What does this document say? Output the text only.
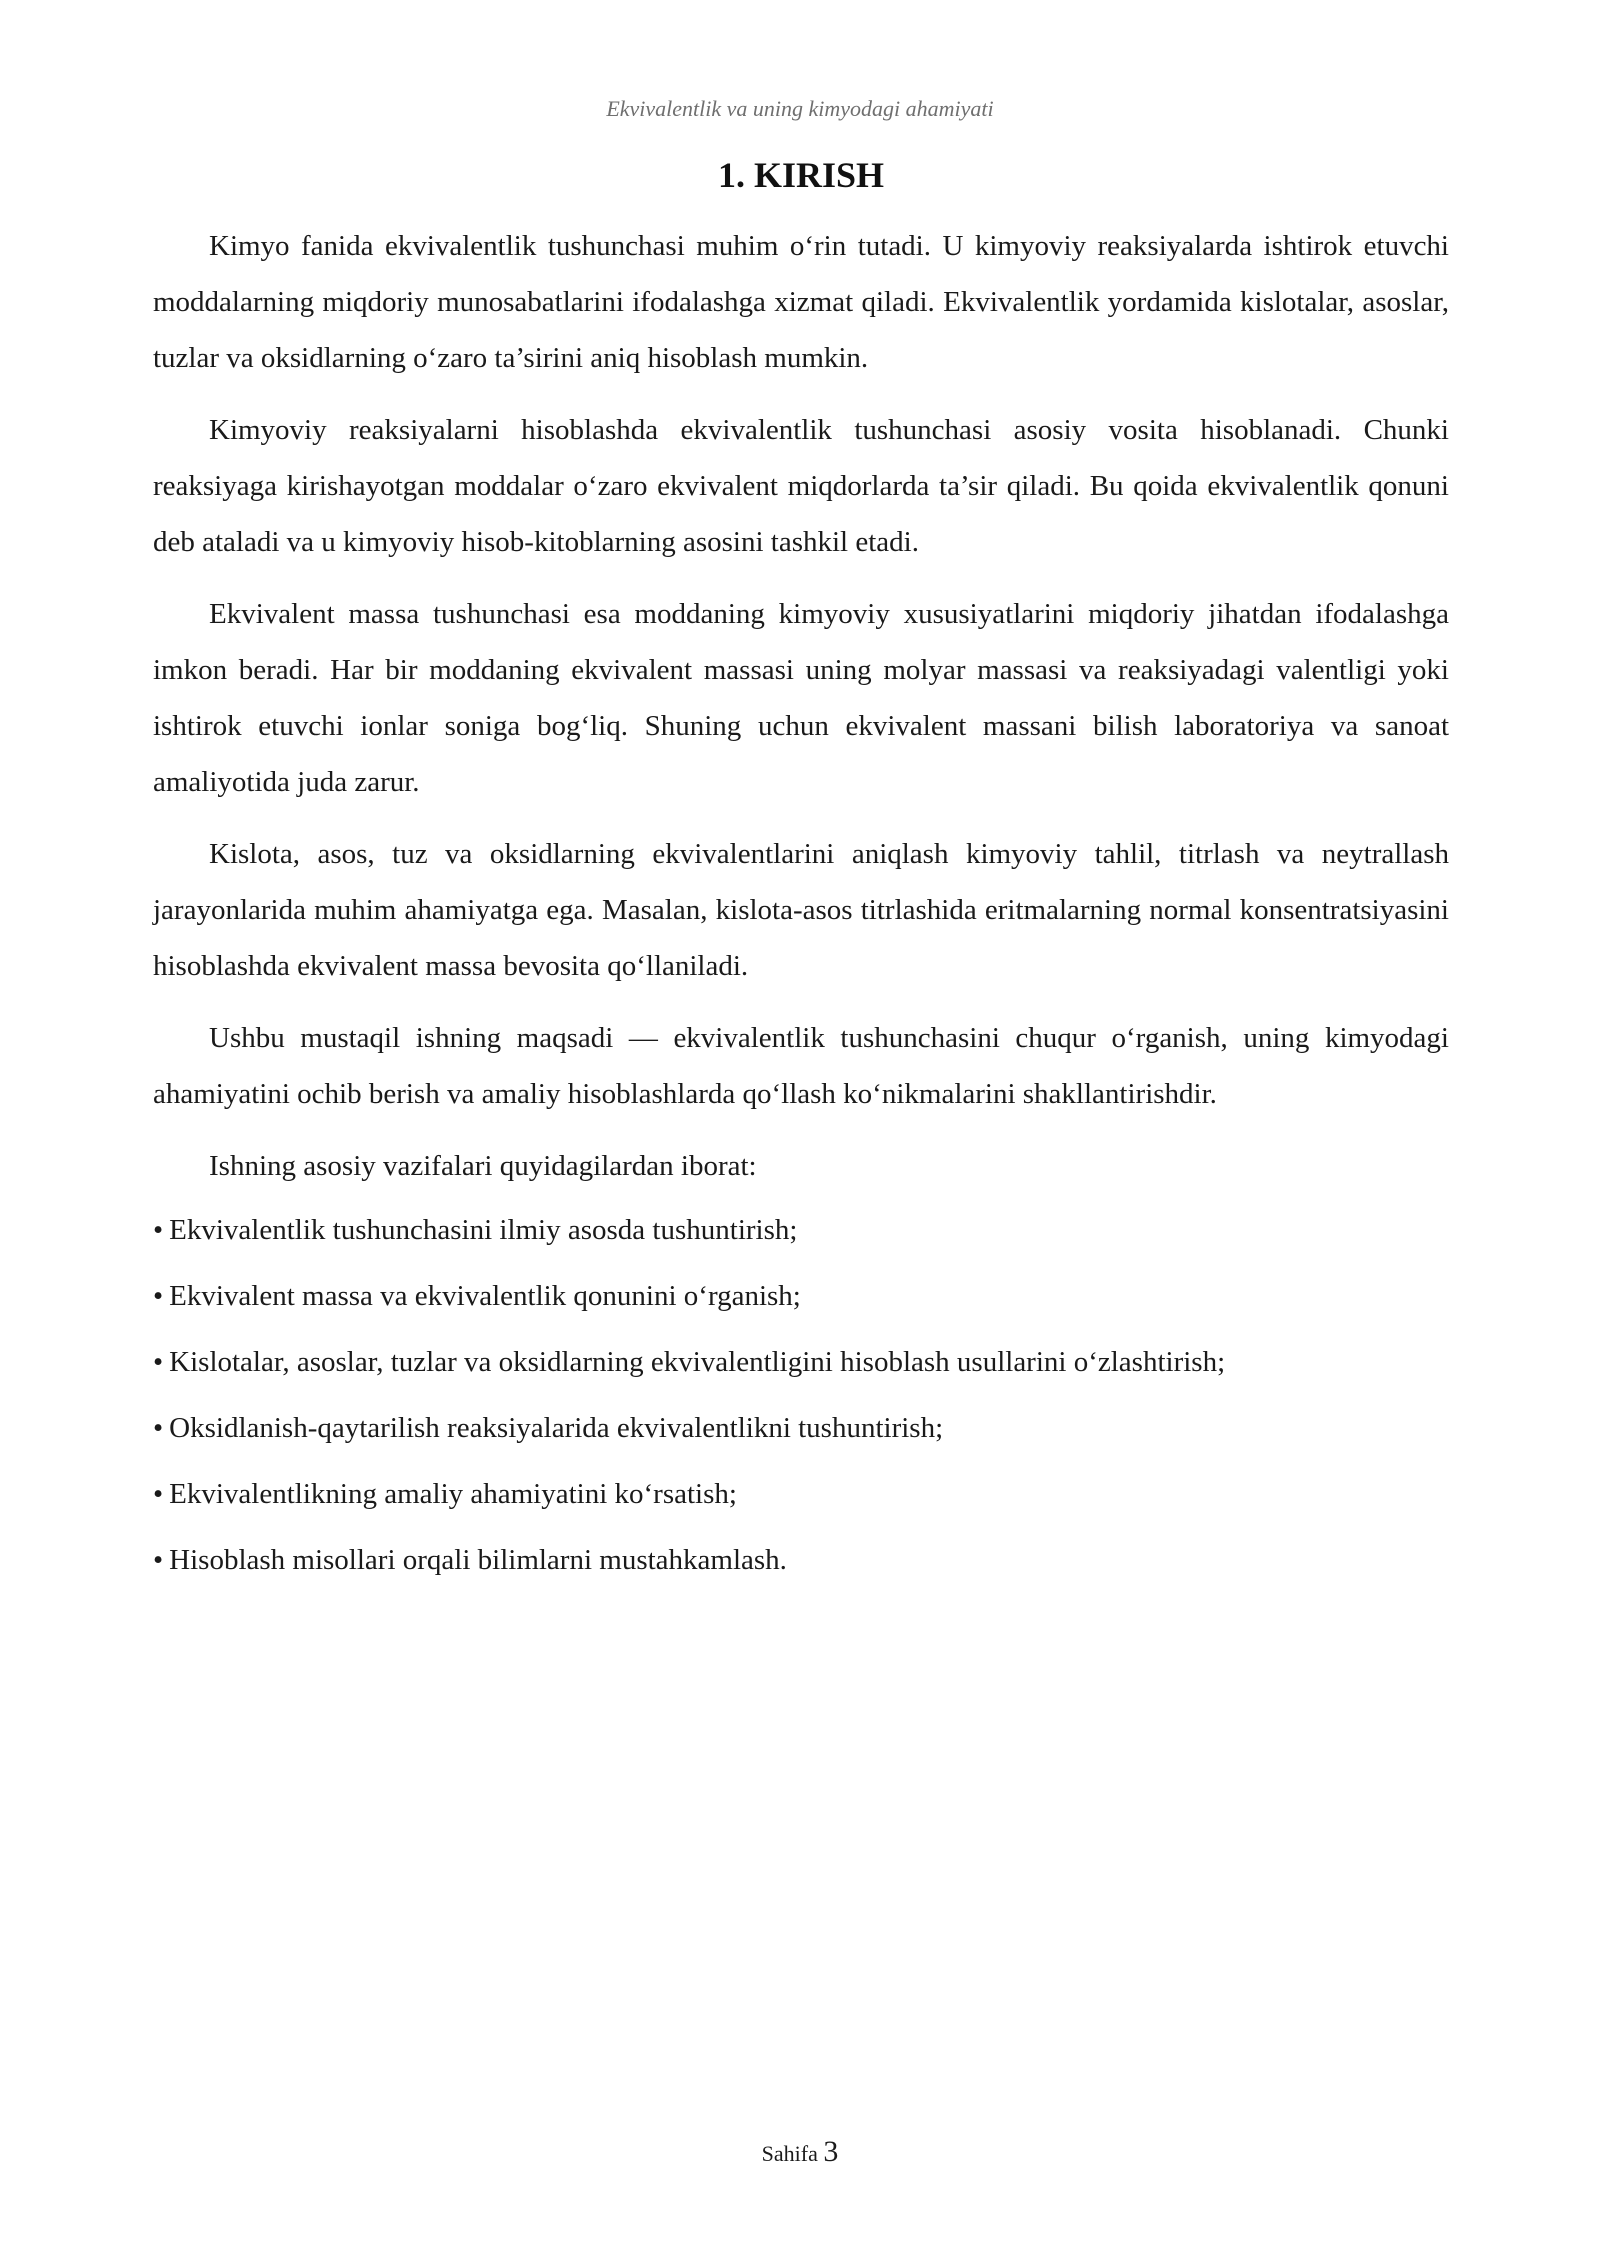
Ekvivalentlik va uning kimyodagi ahamiyati
1. KIRISH

Kimyo fanida ekvivalentlik tushunchasi muhim o‘rin tutadi. U kimyoviy reaksiyalarda ishtirok etuvchi moddalarning miqdoriy munosabatlarini ifodalashga xizmat qiladi. Ekvivalentlik yordamida kislotalar, asoslar, tuzlar va oksidlarning o‘zaro ta’sirini aniq hisoblash mumkin.

Kimyoviy reaksiyalarni hisoblashda ekvivalentlik tushunchasi asosiy vosita hisoblanadi. Chunki reaksiyaga kirishayotgan moddalar o‘zaro ekvivalent miqdorlarda ta’sir qiladi. Bu qoida ekvivalentlik qonuni deb ataladi va u kimyoviy hisob-kitoblarning asosini tashkil etadi.

Ekvivalent massa tushunchasi esa moddaning kimyoviy xususiyatlarini miqdoriy jihatdan ifodalashga imkon beradi. Har bir moddaning ekvivalent massasi uning molyar massasi va reaksiyadagi valentligi yoki ishtirok etuvchi ionlar soniga bog‘liq. Shuning uchun ekvivalent massani bilish laboratoriya va sanoat amaliyotida juda zarur.

Kislota, asos, tuz va oksidlarning ekvivalentlarini aniqlash kimyoviy tahlil, titrlash va neytrallash jarayonlarida muhim ahamiyatga ega. Masalan, kislota-asos titrlashida eritmalarning normal konsentratsiyasini hisoblashda ekvivalent massa bevosita qo‘llaniladi.

Ushbu mustaqil ishning maqsadi — ekvivalentlik tushunchasini chuqur o‘rganish, uning kimyodagi ahamiyatini ochib berish va amaliy hisoblashlarda qo‘llash ko‘nikmalarini shakllantirishdir.

Ishning asosiy vazifalari quyidagilardan iborat:

• Ekvivalentlik tushunchasini ilmiy asosda tushuntirish;
• Ekvivalent massa va ekvivalentlik qonunini o‘rganish;
• Kislotalar, asoslar, tuzlar va oksidlarning ekvivalentligini hisoblash usullarini o‘zlashtirish;
• Oksidlanish-qaytarilish reaksiyalarida ekvivalentlikni tushuntirish;
• Ekvivalentlikning amaliy ahamiyatini ko‘rsatish;
• Hisoblash misollari orqali bilimlarni mustahkamlash.
Sahifa 3
